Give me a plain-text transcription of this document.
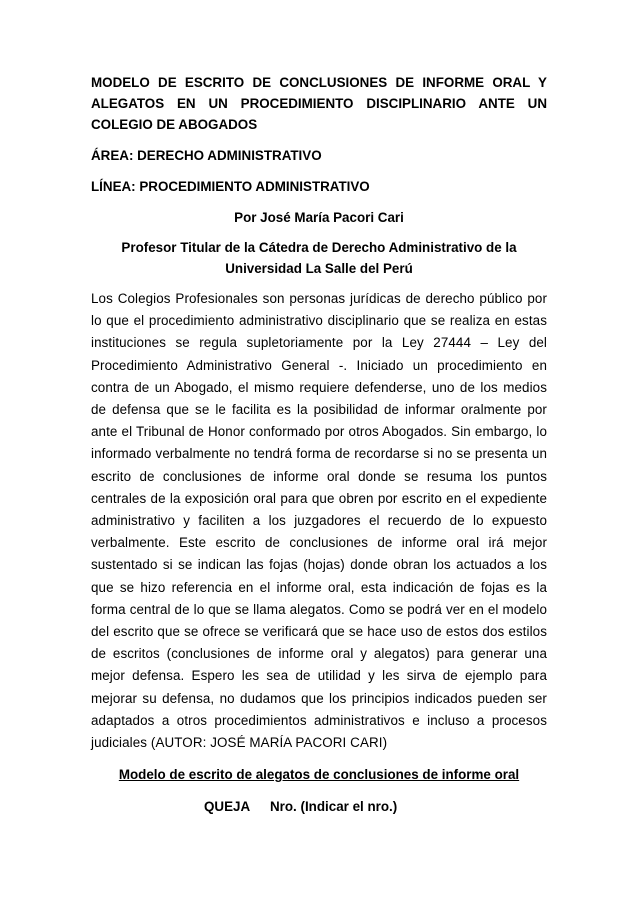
MODELO DE ESCRITO DE CONCLUSIONES DE INFORME ORAL Y ALEGATOS EN UN PROCEDIMIENTO DISCIPLINARIO ANTE UN COLEGIO DE ABOGADOS

ÁREA: DERECHO ADMINISTRATIVO

LÍNEA: PROCEDIMIENTO ADMINISTRATIVO

Por José María Pacori Cari

Profesor Titular de la Cátedra de Derecho Administrativo de la Universidad La Salle del Perú

Los Colegios Profesionales son personas jurídicas de derecho público por lo que el procedimiento administrativo disciplinario que se realiza en estas instituciones se regula supletoriamente por la Ley 27444 – Ley del Procedimiento Administrativo General -. Iniciado un procedimiento en contra de un Abogado, el mismo requiere defenderse, uno de los medios de defensa que se le facilita es la posibilidad de informar oralmente por ante el Tribunal de Honor conformado por otros Abogados. Sin embargo, lo informado verbalmente no tendrá forma de recordarse si no se presenta un escrito de conclusiones de informe oral donde se resuma los puntos centrales de la exposición oral para que obren por escrito en el expediente administrativo y faciliten a los juzgadores el recuerdo de lo expuesto verbalmente. Este escrito de conclusiones de informe oral irá mejor sustentado si se indican las fojas (hojas) donde obran los actuados a los que se hizo referencia en el informe oral, esta indicación de fojas es la forma central de lo que se llama alegatos. Como se podrá ver en el modelo del escrito que se ofrece se verificará que se hace uso de estos dos estilos de escritos (conclusiones de informe oral y alegatos) para generar una mejor defensa. Espero les sea de utilidad y les sirva de ejemplo para mejorar su defensa, no dudamos que los principios indicados pueden ser adaptados a otros procedimientos administrativos e incluso a procesos judiciales (AUTOR: JOSÉ MARÍA PACORI CARI)

Modelo de escrito de alegatos de conclusiones de informe oral

QUEJA Nro. (Indicar el nro.)
